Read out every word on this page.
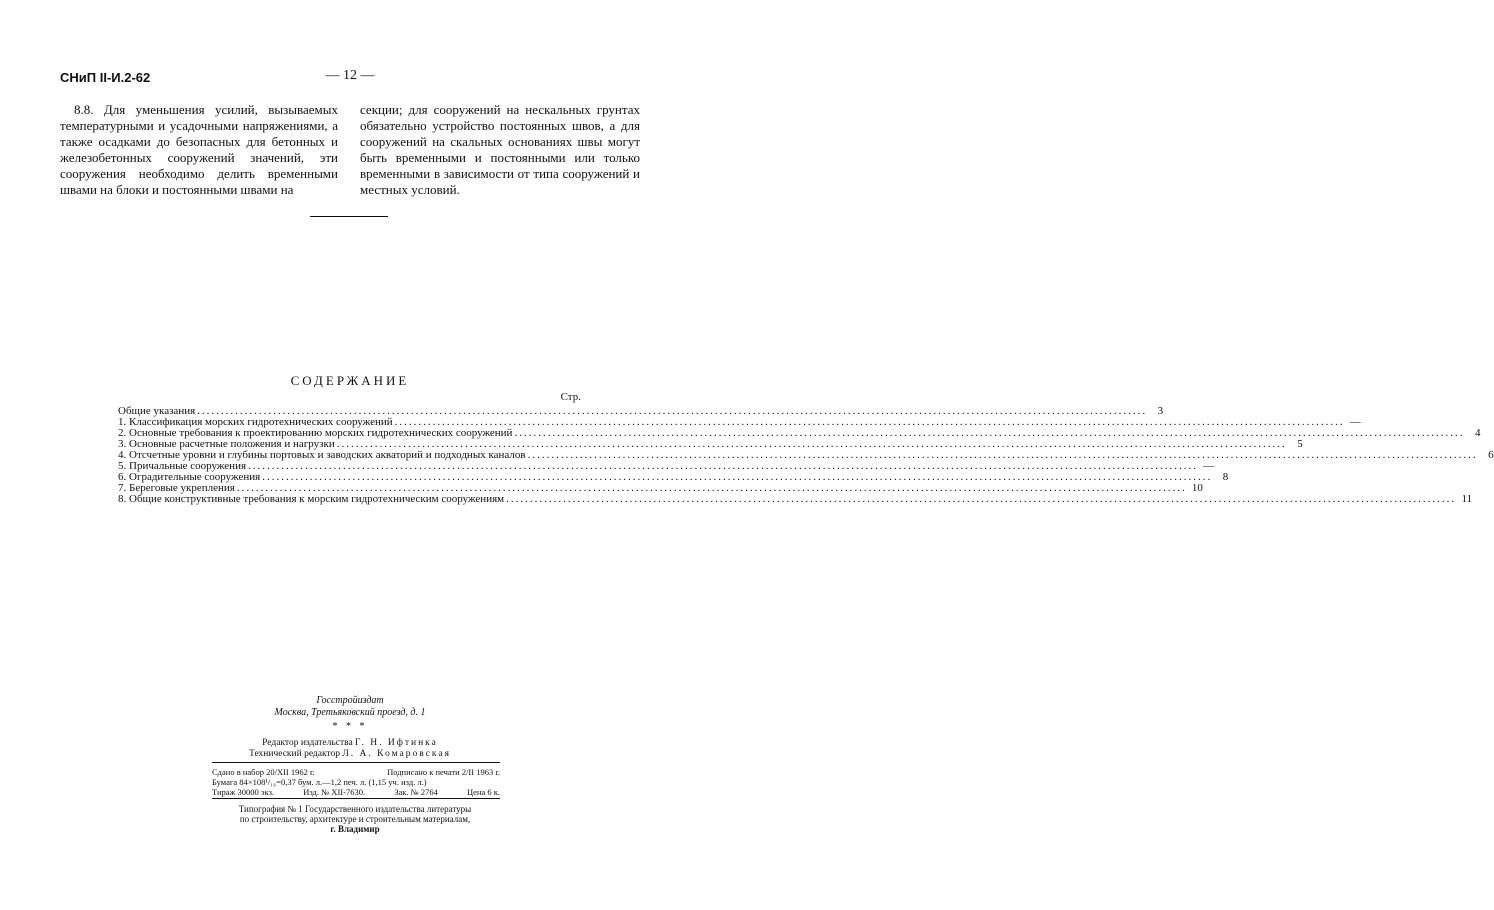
СНиП II-И.2-62	— 12 —

8.8. Для уменьшения усилий, вызываемых температурными и усадочными напряжениями, а также осадками до безопасных для бетонных и железобетонных сооружений значений, эти сооружения необходимо делить временными швами на блоки и постоянными швами на

секции; для сооружений на нескальных грунтах обязательно устройство постоянных швов, а для сооружений на скальных основаниях швы могут быть временными и постоянными или только временными в зависимости от типа сооружений и местных условий.

СОДЕРЖАНИЕ
Стр.
Общие указания ........................................................................................................................................................................................................ 3
1. Классификация морских гидротехнических сооружений ........................................................................................................................................................................................................ —
2. Основные требования к проектированию морских гидротехнических сооружений ........................................................................................................................................................................................................ 4
3. Основные расчетные положения и нагрузки ........................................................................................................................................................................................................ 5
4. Отсчетные уровни и глубины портовых и заводских акваторий и подходных каналов ........................................................................................................................................................................................................ 6
5. Причальные сооружения ........................................................................................................................................................................................................ —
6. Оградительные сооружения ........................................................................................................................................................................................................ 8
7. Береговые укрепления ........................................................................................................................................................................................................ 10
8. Общие конструктивные требования к морским гидротехническим сооружениям ........................................................................................................................................................................................................ 11
Госстройиздат
Москва, Третьяковский проезд, д. 1
* * *
Редактор издательства Г. Н. Ифтинка
Технический редактор Л. А. Комаровская
Сдано в набор 20/XII 1962 г.	Подписано к печати 2/II 1963 г.
Бумага 84×108¹/₁₆=0,37 бум. л.—1,2 печ. л. (1,15 уч. изд. л.)
Тираж 30000 экз.	Изд. № XII-7630.	Зак. № 2764	Цена 6 к.
Типография № 1 Государственного издательства литературы
по строительству, архитектуре и строительным материалам,
г. Владимир
